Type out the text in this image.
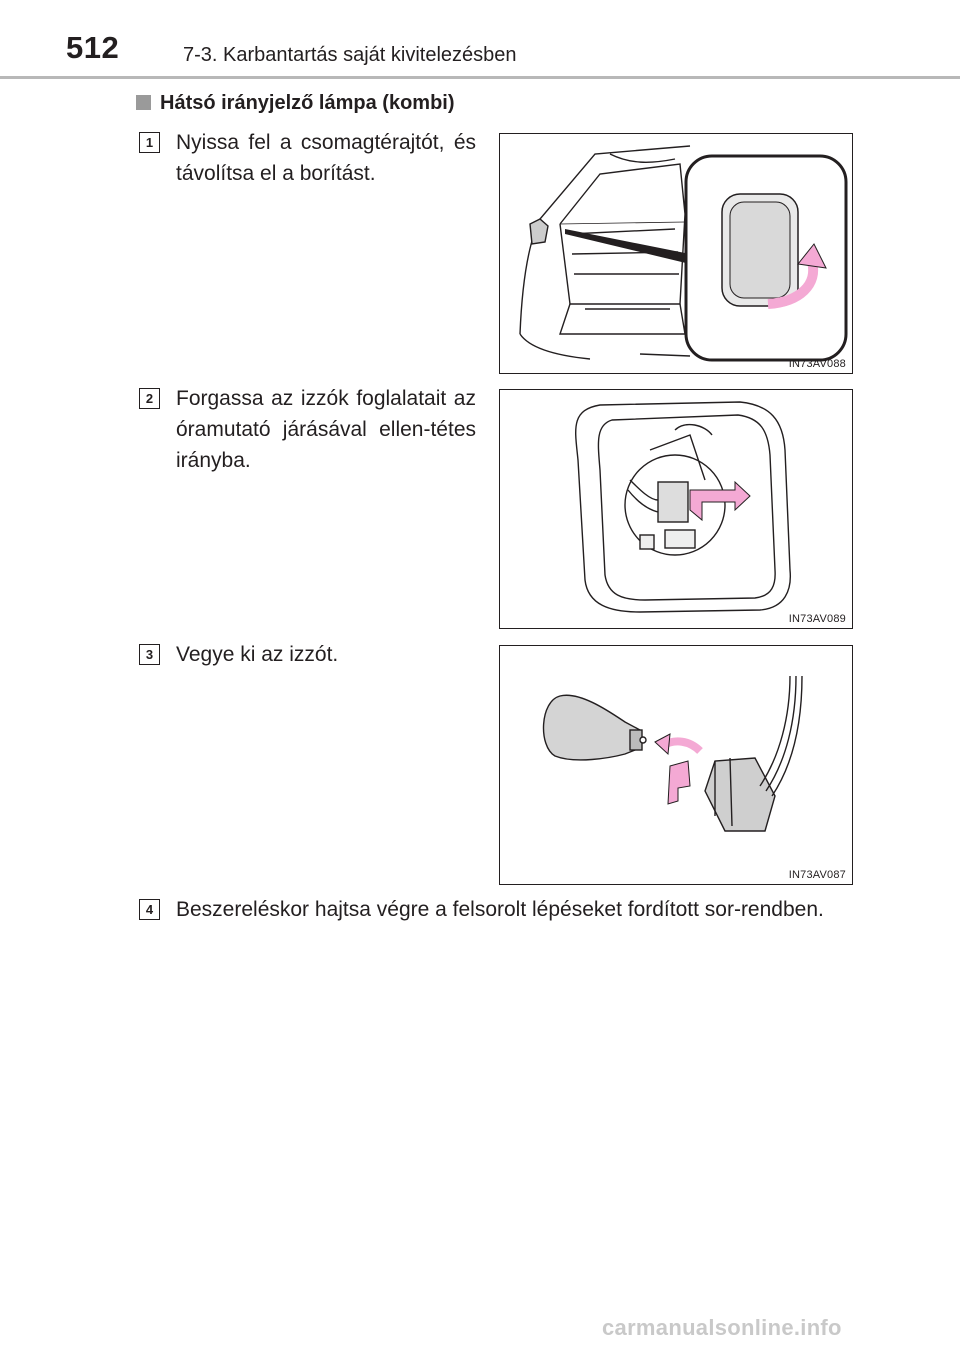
512	7-3. Karbantartás saját kivitelezésben
Hátsó irányjelző lámpa (kombi)
1	Nyissa fel a csomagtérajtót, és távolítsa el a borítást.
IN73AV088
2	Forgassa az izzók foglalatait az óramutató járásával ellen-tétes irányba.
IN73AV089
3	Vegye ki az izzót.
IN73AV087
4	Beszereléskor hajtsa végre a felsorolt lépéseket fordított sor-rendben.
carmanualsonline.info
